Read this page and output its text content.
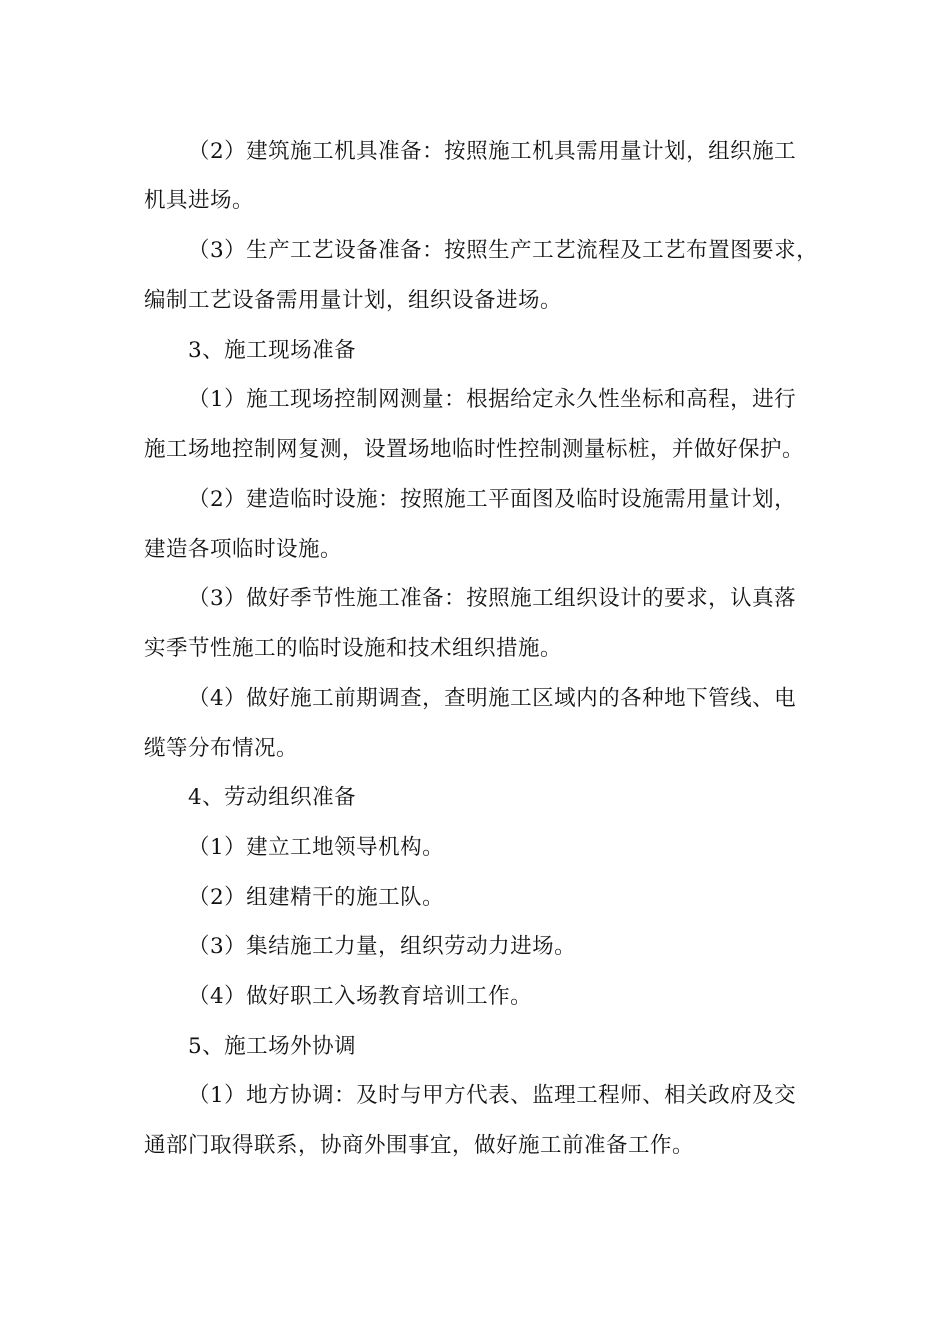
（2）建筑施工机具准备：按照施工机具需用量计划，组织施工
机具进场。
（3）生产工艺设备准备：按照生产工艺流程及工艺布置图要求，
编制工艺设备需用量计划，组织设备进场。
3、施工现场准备
（1）施工现场控制网测量：根据给定永久性坐标和高程，进行
施工场地控制网复测，设置场地临时性控制测量标桩，并做好保护。
（2）建造临时设施：按照施工平面图及临时设施需用量计划，
建造各项临时设施。
（3）做好季节性施工准备：按照施工组织设计的要求，认真落
实季节性施工的临时设施和技术组织措施。
（4）做好施工前期调查，查明施工区域内的各种地下管线、电
缆等分布情况。
4、劳动组织准备
（1）建立工地领导机构。
（2）组建精干的施工队。
（3）集结施工力量，组织劳动力进场。
（4）做好职工入场教育培训工作。
5、施工场外协调
（1）地方协调：及时与甲方代表、监理工程师、相关政府及交
通部门取得联系，协商外围事宜，做好施工前准备工作。
